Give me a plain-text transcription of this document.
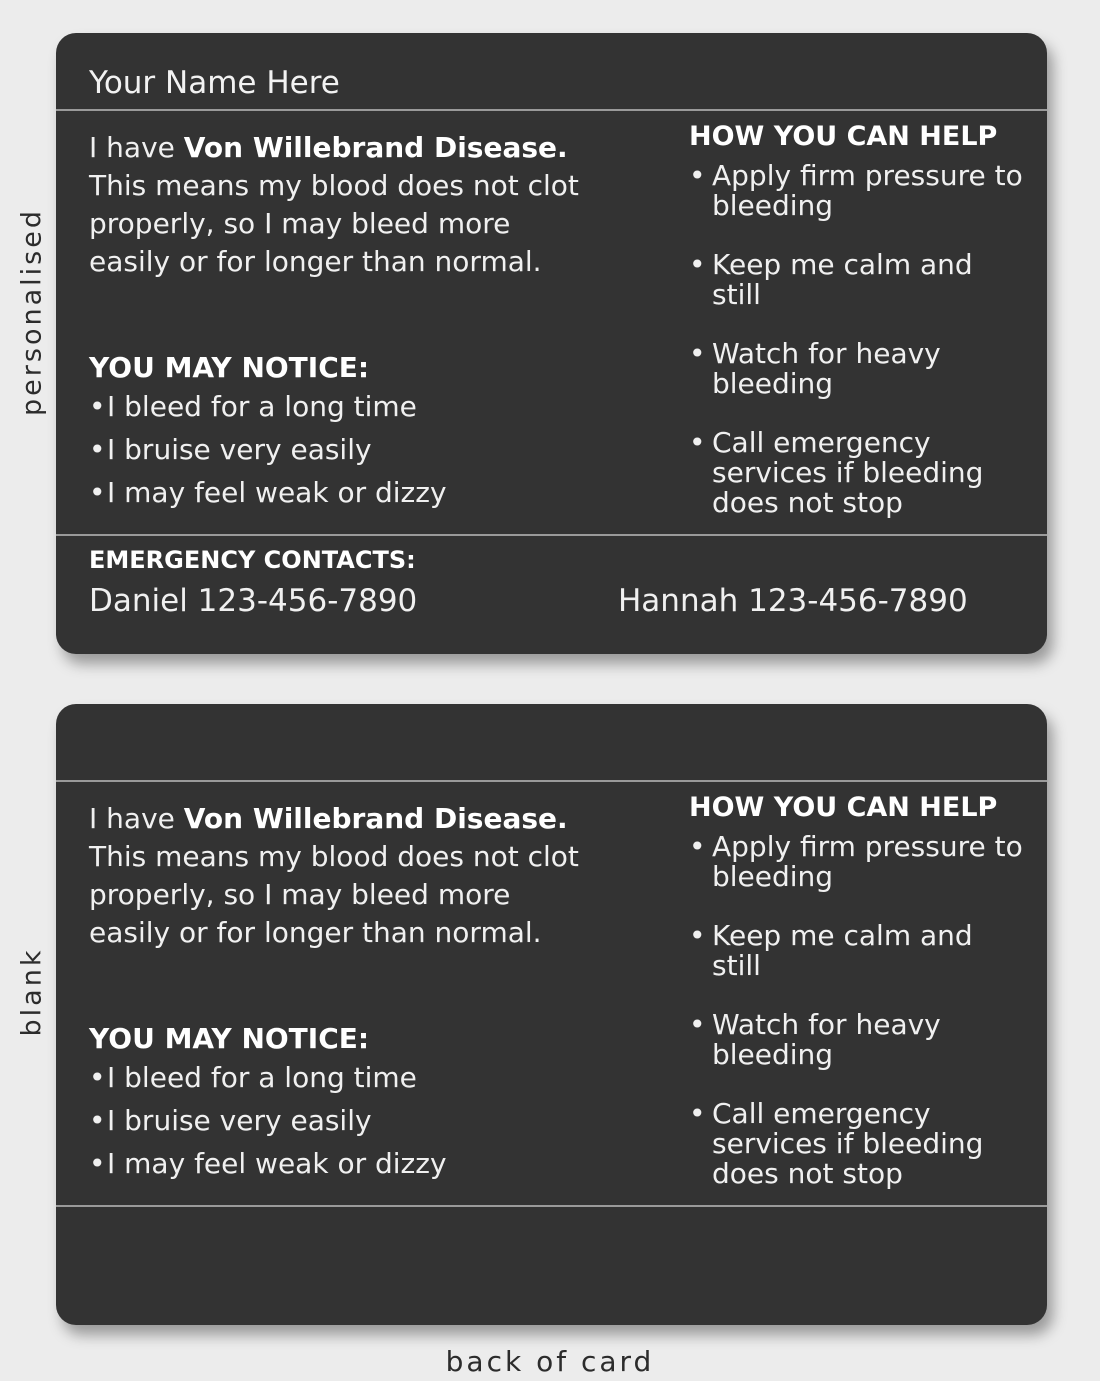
personalised
blank
Your Name Here

I have Von Willebrand Disease. This means my blood does not clot properly, so I may bleed more easily or for longer than normal.

YOU MAY NOTICE:

•I bleed for a long time
•I bruise very easily
•I may feel weak or dizzy

HOW YOU CAN HELP

• Apply firm pressure to bleeding
• Keep me calm and still
• Watch for heavy bleeding
• Call emergency services if bleeding does not stop

EMERGENCY CONTACTS:

Daniel 123-456-7890	Hannah 123-456-7890

I have Von Willebrand Disease. This means my blood does not clot properly, so I may bleed more easily or for longer than normal.

YOU MAY NOTICE:

•I bleed for a long time
•I bruise very easily
•I may feel weak or dizzy

HOW YOU CAN HELP

• Apply firm pressure to bleeding
• Keep me calm and still
• Watch for heavy bleeding
• Call emergency services if bleeding does not stop

back of card
